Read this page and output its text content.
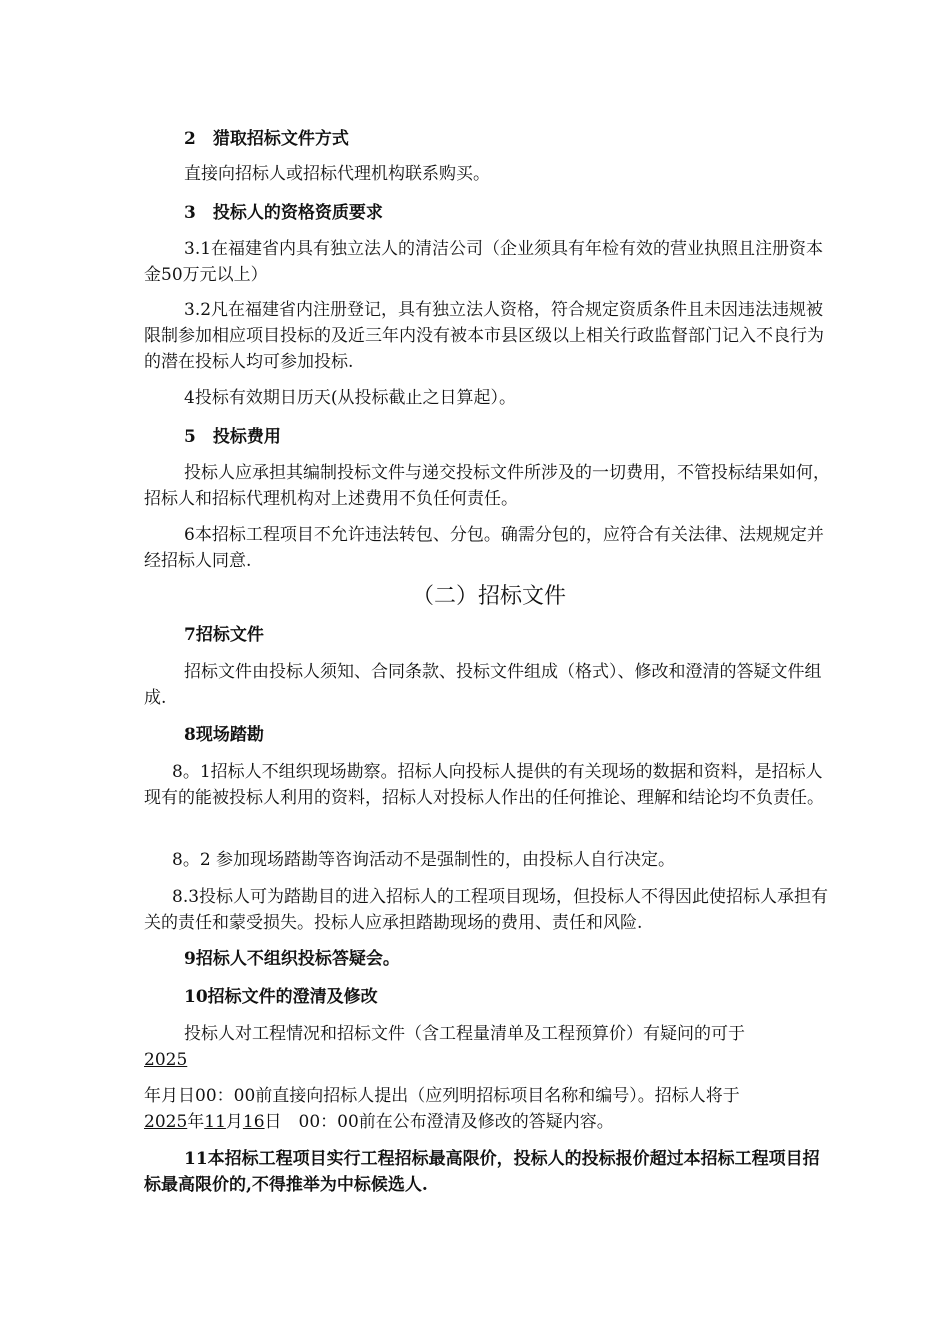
2　猎取招标文件方式

直接向招标人或招标代理机构联系购买。

3　投标人的资格资质要求

3.1在福建省内具有独立法人的清洁公司（企业须具有年检有效的营业执照且注册资本金50万元以上）

3.2凡在福建省内注册登记，具有独立法人资格，符合规定资质条件且未因违法违规被限制参加相应项目投标的及近三年内没有被本市县区级以上相关行政监督部门记入不良行为的潜在投标人均可参加投标.

4投标有效期日历天(从投标截止之日算起）。

5　投标费用

投标人应承担其编制投标文件与递交投标文件所涉及的一切费用，不管投标结果如何，招标人和招标代理机构对上述费用不负任何责任。

6本招标工程项目不允许违法转包、分包。确需分包的，应符合有关法律、法规规定并经招标人同意.

（二）招标文件

7招标文件

招标文件由投标人须知、合同条款、投标文件组成（格式）、修改和澄清的答疑文件组成.

8现场踏勘

8。1招标人不组织现场勘察。招标人向投标人提供的有关现场的数据和资料，是招标人现有的能被投标人利用的资料，招标人对投标人作出的任何推论、理解和结论均不负责任。

8。2 参加现场踏勘等咨询活动不是强制性的，由投标人自行决定。

8.3投标人可为踏勘目的进入招标人的工程项目现场，但投标人不得因此使招标人承担有关的责任和蒙受损失。投标人应承担踏勘现场的费用、责任和风险.

9招标人不组织投标答疑会。

10招标文件的澄清及修改

投标人对工程情况和招标文件（含工程量清单及工程预算价）有疑问的可于
2025

年月日00：00前直接向招标人提出（应列明招标项目名称和编号）。招标人将于
2025年11月16日　00：00前在公布澄清及修改的答疑内容。

11本招标工程项目实行工程招标最高限价，投标人的投标报价超过本招标工程项目招标最高限价的,不得推举为中标候选人.
